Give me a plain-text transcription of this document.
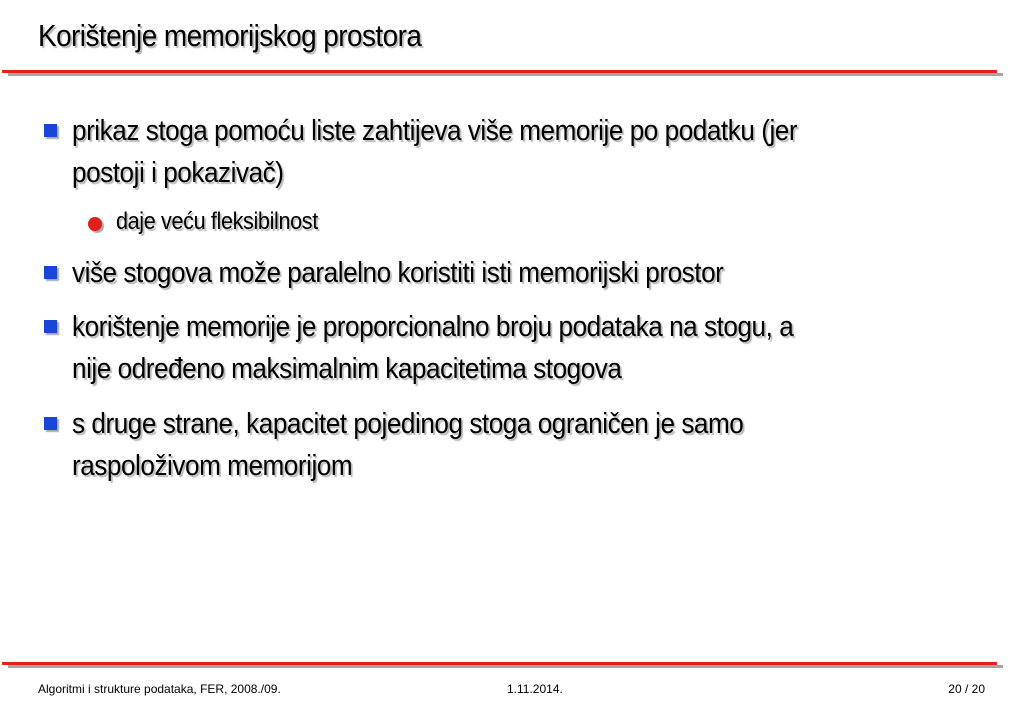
Korištenje memorijskog prostora
prikaz stoga pomoću liste zahtijeva više memorije po podatku (jer
postoji i pokazivač)
daje veću fleksibilnost
više stogova može paralelno koristiti isti memorijski prostor
korištenje memorije je proporcionalno broju podataka na stogu, a
nije određeno maksimalnim kapacitetima stogova
s druge strane, kapacitet pojedinog stoga ograničen je samo
raspoloživom memorijom
Algoritmi i strukture podataka, FER, 2008./09.	1.11.2014.	20 / 20
